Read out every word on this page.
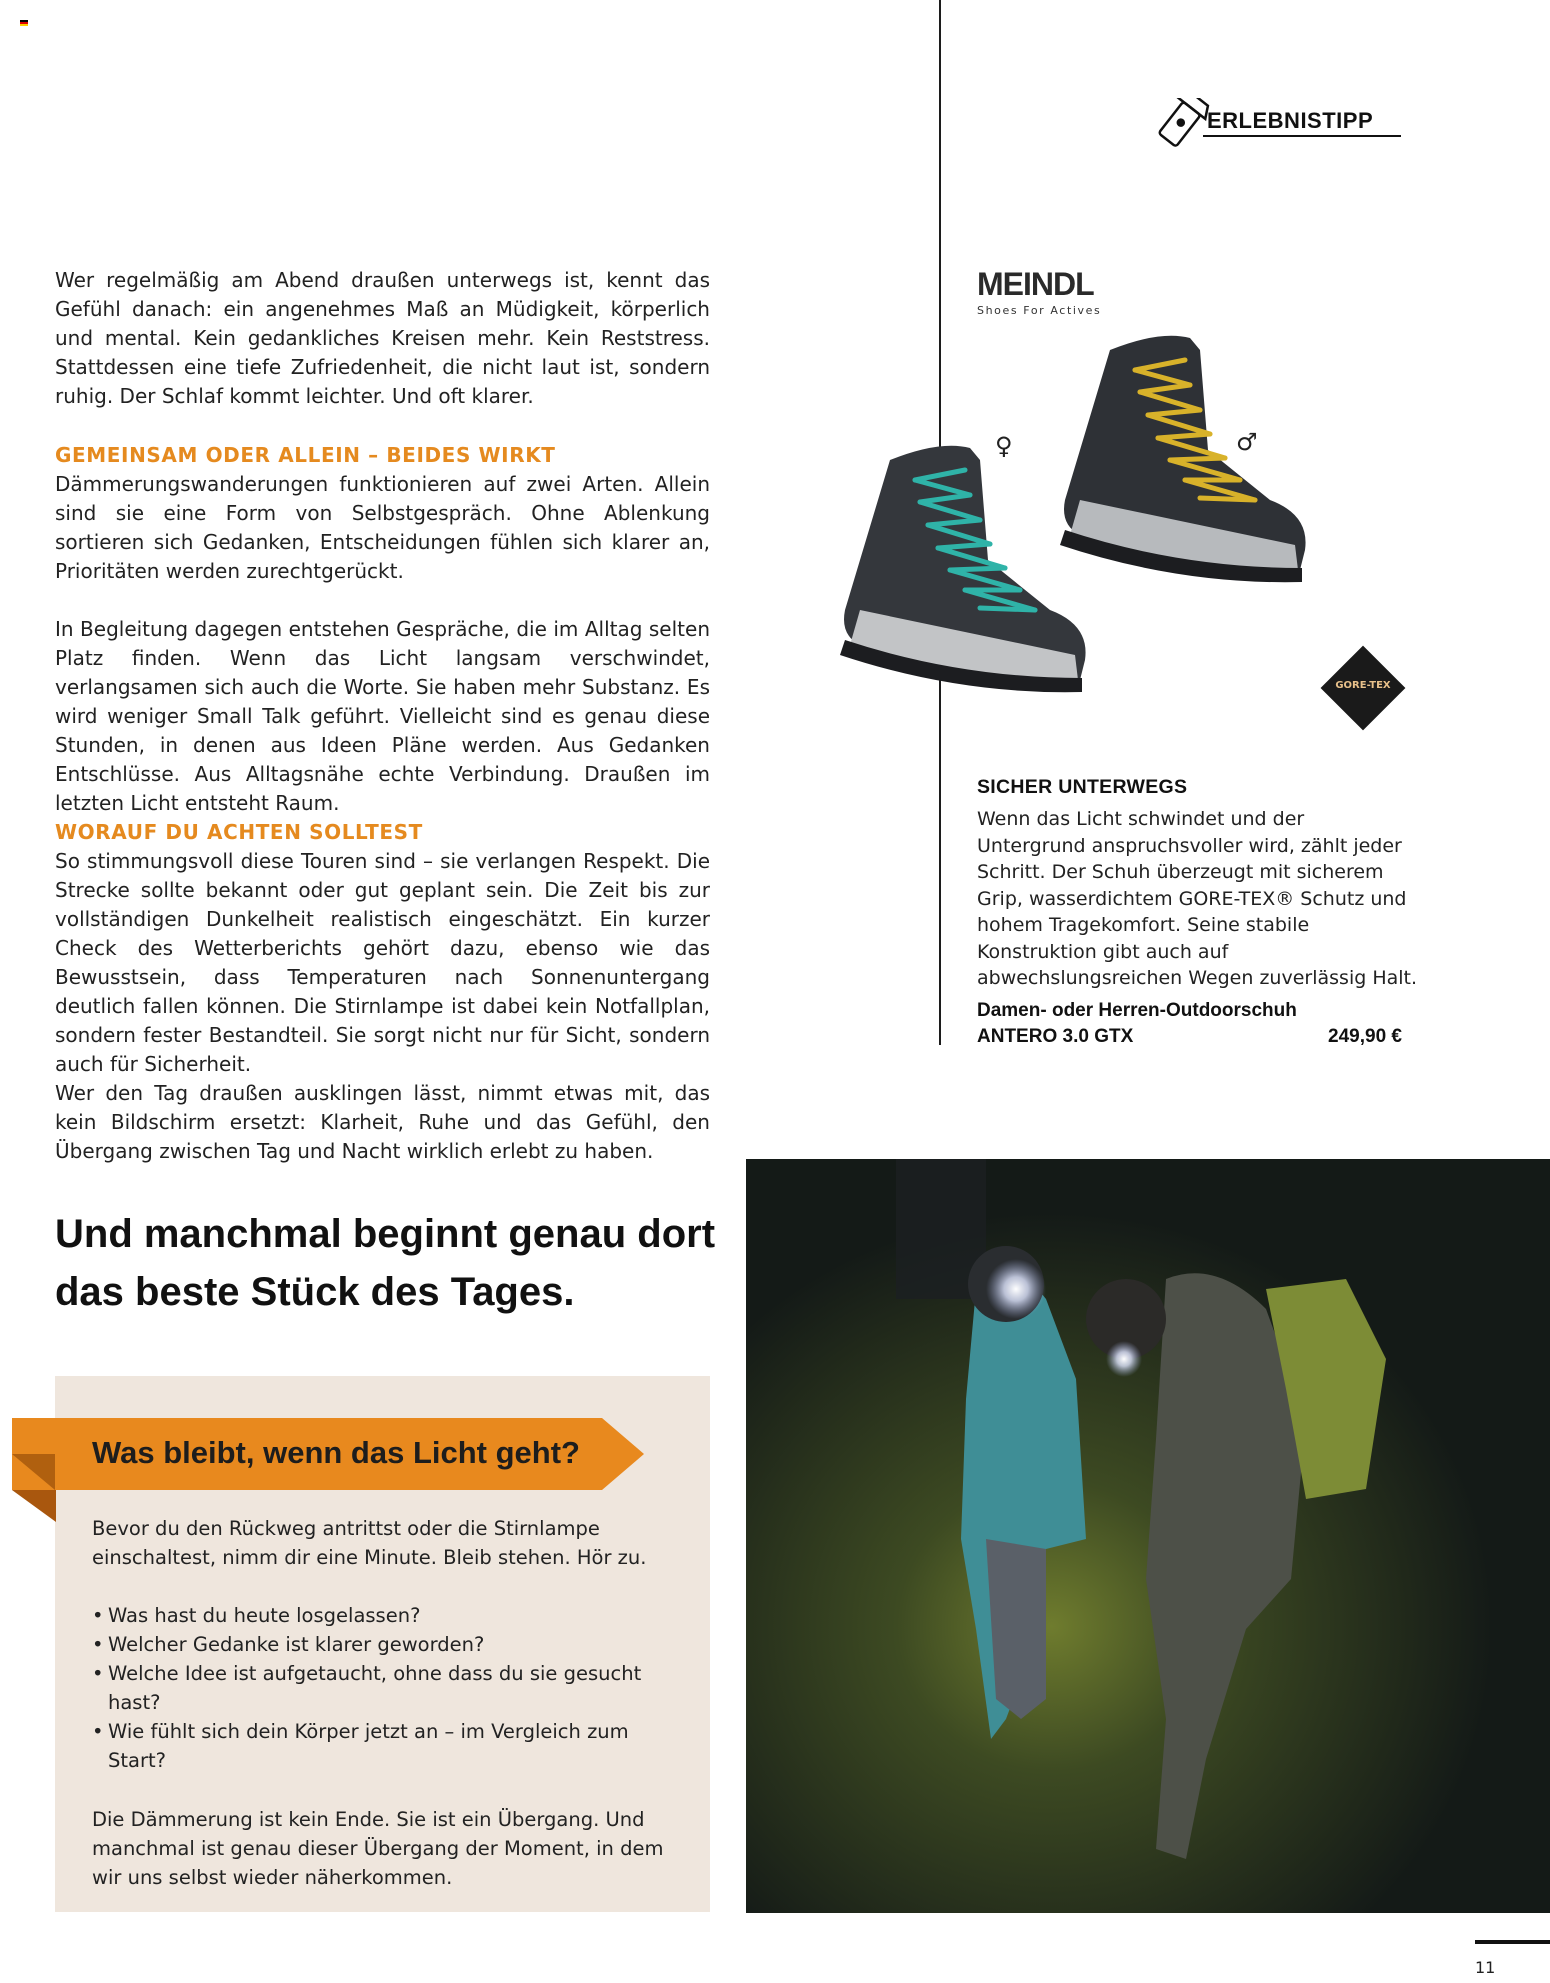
Wer regelmäßig am Abend draußen unterwegs ist, kennt das Gefühl danach: ein angenehmes Maß an Müdigkeit, körperlich und mental. Kein gedankliches Kreisen mehr. Kein Reststress. Stattdessen eine tiefe Zufriedenheit, die nicht laut ist, sondern ruhig. Der Schlaf kommt leichter. Und oft klarer.

GEMEINSAM ODER ALLEIN – BEIDES WIRKT

Dämmerungswanderungen funktionieren auf zwei Arten. Allein sind sie eine Form von Selbstgespräch. Ohne Ablenkung sortieren sich Gedanken, Entscheidungen fühlen sich klarer an, Prioritäten werden zurechtgerückt.

In Begleitung dagegen entstehen Gespräche, die im Alltag selten Platz finden. Wenn das Licht langsam verschwindet, verlangsamen sich auch die Worte. Sie haben mehr Substanz. Es wird weniger Small Talk geführt. Vielleicht sind es genau diese Stunden, in denen aus Ideen Pläne werden. Aus Gedanken Entschlüsse. Aus Alltagsnähe echte Verbindung. Draußen im letzten Licht entsteht Raum.

WORAUF DU ACHTEN SOLLTEST

So stimmungsvoll diese Touren sind – sie verlangen Respekt. Die Strecke sollte bekannt oder gut geplant sein. Die Zeit bis zur vollständigen Dunkelheit realistisch eingeschätzt. Ein kurzer Check des Wetterberichts gehört dazu, ebenso wie das Bewusstsein, dass Temperaturen nach Sonnenuntergang deutlich fallen können. Die Stirnlampe ist dabei kein Notfallplan, sondern fester Bestandteil. Sie sorgt nicht nur für Sicht, sondern auch für Sicherheit.

Wer den Tag draußen ausklingen lässt, nimmt etwas mit, das kein Bildschirm ersetzt: Klarheit, Ruhe und das Gefühl, den Übergang zwischen Tag und Nacht wirklich erlebt zu haben.

Und manchmal beginnt genau dort das beste Stück des Tages.

Was bleibt, wenn das Licht geht?

Bevor du den Rückweg antrittst oder die Stirnlampe einschaltest, nimm dir eine Minute. Bleib stehen. Hör zu.

• Was hast du heute losgelassen?
• Welcher Gedanke ist klarer geworden?
• Welche Idee ist aufgetaucht, ohne dass du sie gesucht hast?
• Wie fühlt sich dein Körper jetzt an – im Vergleich zum Start?

Die Dämmerung ist kein Ende. Sie ist ein Übergang. Und manchmal ist genau dieser Übergang der Moment, in dem wir uns selbst wieder näherkommen.

ERLEBNISTIPP
MEINDL
Shoes For Actives
♀	♂
GORE-TEX
SICHER UNTERWEGS

Wenn das Licht schwindet und der Untergrund anspruchsvoller wird, zählt jeder Schritt. Der Schuh überzeugt mit sicherem Grip, wasserdichtem GORE-TEX® Schutz und hohem Tragekomfort. Seine stabile Konstruktion gibt auch auf abwechslungsreichen Wegen zuverlässig Halt.

Damen- oder Herren-Outdoorschuh
ANTERO 3.0 GTX	249,90 €
11
